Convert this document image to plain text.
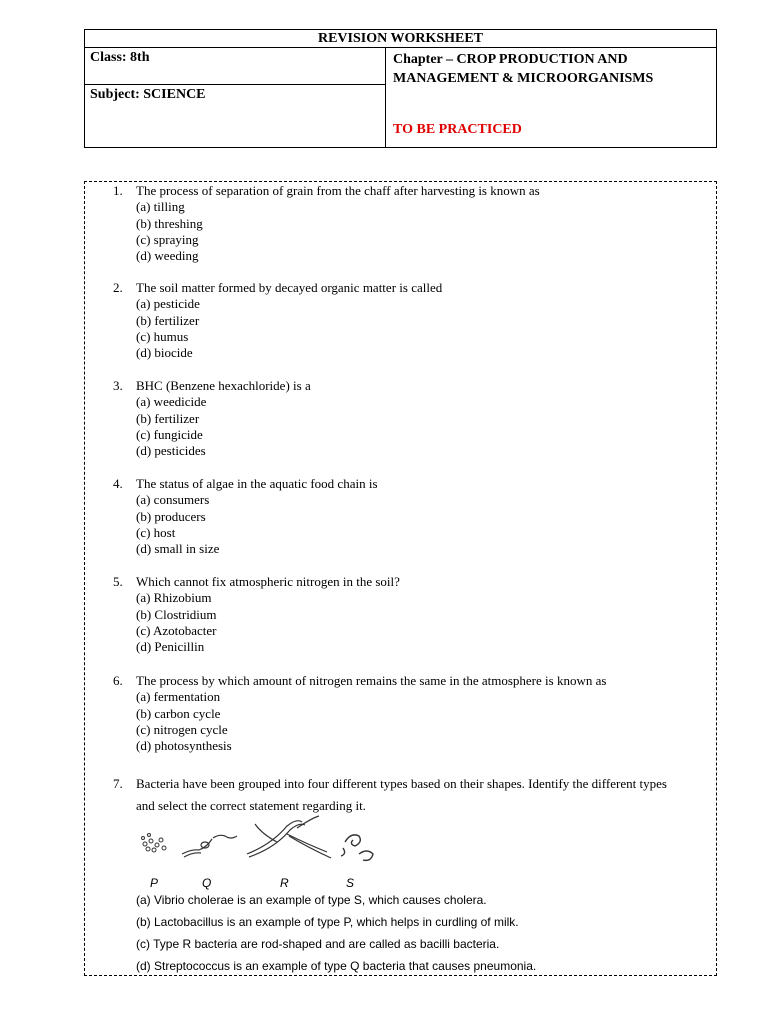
REVISION WORKSHEET
Class: 8th
Subject: SCIENCE
Chapter – CROP PRODUCTION AND
MANAGEMENT & MICROORGANISMS
TO BE PRACTICED
1. The process of separation of grain from the chaff after harvesting is known as
(a) tilling
(b) threshing
(c) spraying
(d) weeding
2. The soil matter formed by decayed organic matter is called
(a) pesticide
(b) fertilizer
(c) humus
(d) biocide
3. BHC (Benzene hexachloride) is a
(a) weedicide
(b) fertilizer
(c) fungicide
(d) pesticides
4. The status of algae in the aquatic food chain is
(a) consumers
(b) producers
(c) host
(d) small in size
5. Which cannot fix atmospheric nitrogen in the soil?
(a) Rhizobium
(b) Clostridium
(c) Azotobacter
(d) Penicillin
6. The process by which amount of nitrogen remains the same in the atmosphere is known as
(a) fermentation
(b) carbon cycle
(c) nitrogen cycle
(d) photosynthesis
7. Bacteria have been grouped into four different types based on their shapes. Identify the different types
and select the correct statement regarding it.
P	Q	R	S
(a) Vibrio cholerae is an example of type S, which causes cholera.
(b) Lactobacillus is an example of type P, which helps in curdling of milk.
(c) Type R bacteria are rod-shaped and are called as bacilli bacteria.
(d) Streptococcus is an example of type Q bacteria that causes pneumonia.
